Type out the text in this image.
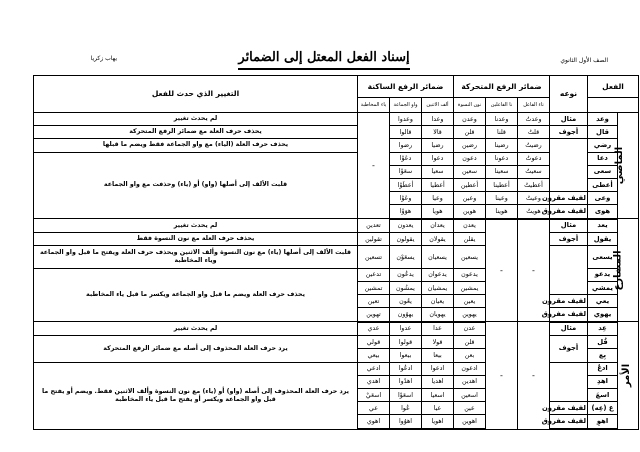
الصف الأول الثانوي
إسناد الفعل المعتل إلى الضمائر
يهاب زكريا
الفعل		نوعه	ضمائر الرفع المتحركة			ضمائر الرفع الساكنة			التغيير الذي حدث للفعل
			تاء الفاعل	نا الفاعلين	نون النسوة	ألف الاثنين	واو الجماعة	ياء المخاطبة	
الماضي	وعد	مثال	وعدتُ	وعدنا	وعدن	وعدا	وعدوا	-	لم يحدث تغيير
	قال	أجوف	قلتُ	قلنا	قلن	قالا	قالوا		يحذف حرف العلة مع ضمائر الرفع المتحركة
	رضي		رضيتُ	رضينا	رضين	رضيا	رضوا		يحذف حرف العلة (الياء) مع واو الجماعة فقط ويضم ما قبلها
	دعا		دعوتُ	دعونا	دعون	دعوا	دعَوْا		قلبت الألف إلى أصلها (واو) أو (ياء) وحذفت مع واو الجماعة
	سعى		سعيتُ	سعينا	سعين	سعيا	سعَوْا		
	أعطى		أعطيتُ	أعطينا	أعطين	أعطيا	أعطَوْا		
	وعى	لفيف مقرون	وعيتُ	وعينا	وعين	وعيا	وعَوْا		
	هوى	لفيف مفروق	هويتُ	هوينا	هوين	هويا	هوَوْا		
المضارع	يعد	مثال	-	-	يعدن	يعدان	يعدون	تعدين	لم يحدث تغيير
	يقول	أجوف			يقلن	يقولان	يقولون	تقولين	يحذف حرف العلة مع نون النسوة فقط
	يسعى				يسعين	يسعيان	يسعَوْن	تسعين	قلبت الألف إلى أصلها (ياء) مع نون النسوة وألف الاثنين ويحذف حرف العلة ويفتح ما قبل واو الجماعة وياء المخاطبة
	يدعو				يدعون	يدعوان	يدعُون	تدعين	يحذف حرف العلة ويضم ما قبل واو الجماعة ويكسر ما قبل ياء المخاطبة
	يمشي				يمشين	يمشيان	يمشُون	تمشين	
	يعي	لفيف مقرون			يعين	يعيان	يعُون	تعين	
	يهوي	لفيف مفروق			يهوين	يهويان	يهوُون	تهوين	
الأمر	عِد	مثال	-	-	عدن	عدا	عدوا	عدي	لم يحدث تغيير
	قُل	أجوف			قلن	قولا	قولوا	قولي	يرد حرف العلة المحذوف إلى أصله مع ضمائر الرفع المتحركة
	بِع				بعن	بيعا	بيعوا	بيعي	
	ادعُ				ادعون	ادعوا	ادعُوا	ادعي	يرد حرف العلة المحذوف إلى أصله (واو) أو (ياء) مع نون النسوة وألف الاثنين فقط. ويضم أو يفتح ما قبل واو الجماعة ويكسر أو يفتح ما قبل ياء المخاطبة
	اهدِ				اهدين	اهديا	اهدُوا	اهدي	
	اسعَ				اسعين	اسعيا	اسعَوْا	اسعَيْ	
	ع (عِه)	لفيف مقرون			عين	عيا	عُوا	عي	
	اهوِ	لفيف مفروق			اهوين	اهويا	اهوُوا	اهوي	
